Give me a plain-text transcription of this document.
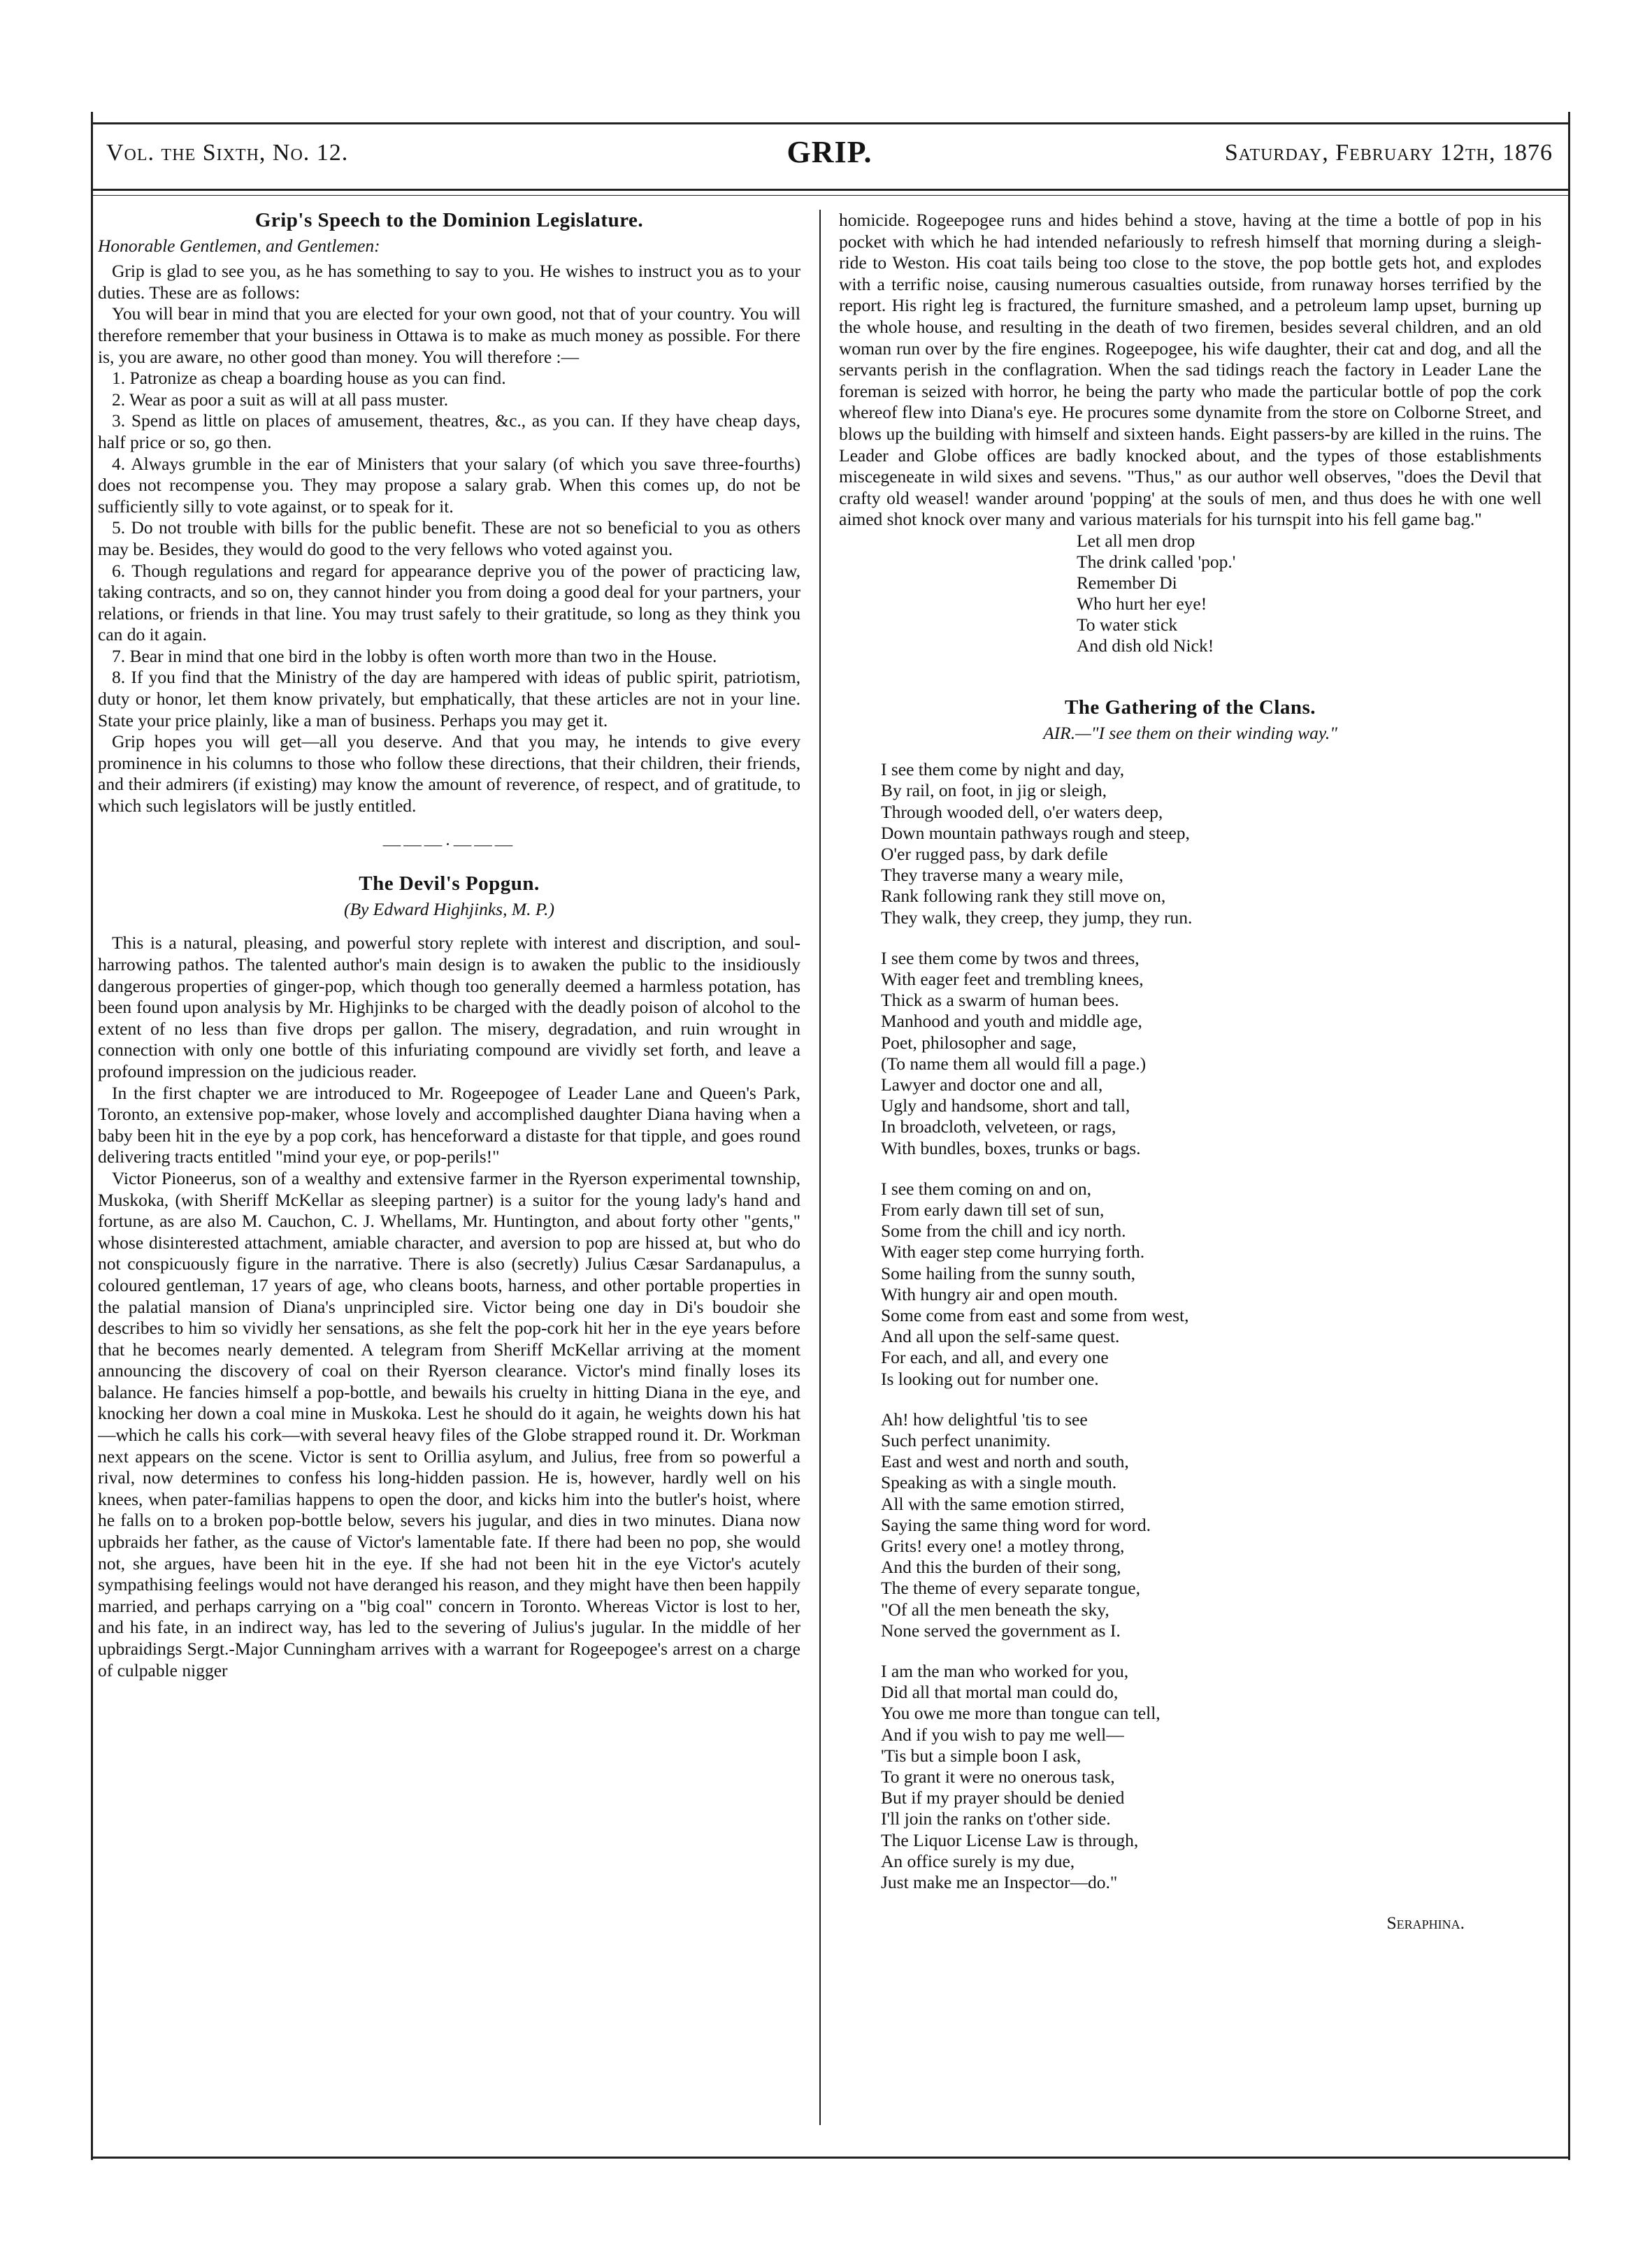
Vol. the Sixth, No. 12.	GRIP.	Saturday, February 12th, 1876
Grip's Speech to the Dominion Legislature.
Honorable Gentlemen, and Gentlemen:

Grip is glad to see you, as he has something to say to you. He wishes to instruct you as to your duties. These are as follows:

You will bear in mind that you are elected for your own good, not that of your country. You will therefore remember that your business in Ottawa is to make as much money as possible. For there is, you are aware, no other good than money. You will therefore :—

1. Patronize as cheap a boarding house as you can find.
2. Wear as poor a suit as will at all pass muster.
3. Spend as little on places of amusement, theatres, &c., as you can. If they have cheap days, half price or so, go then.
4. Always grumble in the ear of Ministers that your salary (of which you save three-fourths) does not recompense you. They may propose a salary grab. When this comes up, do not be sufficiently silly to vote against, or to speak for it.
5. Do not trouble with bills for the public benefit. These are not so beneficial to you as others may be. Besides, they would do good to the very fellows who voted against you.
6. Though regulations and regard for appearance deprive you of the power of practicing law, taking contracts, and so on, they cannot hinder you from doing a good deal for your partners, your relations, or friends in that line. You may trust safely to their gratitude, so long as they think you can do it again.
7. Bear in mind that one bird in the lobby is often worth more than two in the House.
8. If you find that the Ministry of the day are hampered with ideas of public spirit, patriotism, duty or honor, let them know privately, but emphatically, that these articles are not in your line. State your price plainly, like a man of business. Perhaps you may get it.

Grip hopes you will get—all you deserve. And that you may, he intends to give every prominence in his columns to those who follow these directions, that their children, their friends, and their admirers (if existing) may know the amount of reverence, of respect, and of gratitude, to which such legislators will be justly entitled.

———·———
The Devil's Popgun.
(By Edward Highjinks, M. P.)

This is a natural, pleasing, and powerful story replete with interest and discription, and soul-harrowing pathos. The talented author's main design is to awaken the public to the insidiously dangerous properties of ginger-pop, which though too generally deemed a harmless potation, has been found upon analysis by Mr. Highjinks to be charged with the deadly poison of alcohol to the extent of no less than five drops per gallon. The misery, degradation, and ruin wrought in connection with only one bottle of this infuriating compound are vividly set forth, and leave a profound impression on the judicious reader.

In the first chapter we are introduced to Mr. Rogeepogee of Leader Lane and Queen's Park, Toronto, an extensive pop-maker, whose lovely and accomplished daughter Diana having when a baby been hit in the eye by a pop cork, has henceforward a distaste for that tipple, and goes round delivering tracts entitled "mind your eye, or pop-perils!"

Victor Pioneerus, son of a wealthy and extensive farmer in the Ryerson experimental township, Muskoka, (with Sheriff McKellar as sleeping partner) is a suitor for the young lady's hand and fortune, as are also M. Cauchon, C. J. Whellams, Mr. Huntington, and about forty other "gents," whose disinterested attachment, amiable character, and aversion to pop are hissed at, but who do not conspicuously figure in the narrative. There is also (secretly) Julius Cæsar Sardanapulus, a coloured gentleman, 17 years of age, who cleans boots, harness, and other portable properties in the palatial mansion of Diana's unprincipled sire. Victor being one day in Di's boudoir she describes to him so vividly her sensations, as she felt the pop-cork hit her in the eye years before that he becomes nearly demented. A telegram from Sheriff McKellar arriving at the moment announcing the discovery of coal on their Ryerson clearance. Victor's mind finally loses its balance. He fancies himself a pop-bottle, and bewails his cruelty in hitting Diana in the eye, and knocking her down a coal mine in Muskoka. Lest he should do it again, he weights down his hat—which he calls his cork—with several heavy files of the Globe strapped round it. Dr. Workman next appears on the scene. Victor is sent to Orillia asylum, and Julius, free from so powerful a rival, now determines to confess his long-hidden passion. He is, however, hardly well on his knees, when pater-familias happens to open the door, and kicks him into the butler's hoist, where he falls on to a broken pop-bottle below, severs his jugular, and dies in two minutes. Diana now upbraids her father, as the cause of Victor's lamentable fate. If there had been no pop, she would not, she argues, have been hit in the eye. If she had not been hit in the eye Victor's acutely sympathising feelings would not have deranged his reason, and they might have then been happily married, and perhaps carrying on a "big coal" concern in Toronto. Whereas Victor is lost to her, and his fate, in an indirect way, has led to the severing of Julius's jugular. In the middle of her upbraidings Sergt.-Major Cunningham arrives with a warrant for Rogeepogee's arrest on a charge of culpable nigger

homicide. Rogeepogee runs and hides behind a stove, having at the time a bottle of pop in his pocket with which he had intended nefariously to refresh himself that morning during a sleigh-ride to Weston. His coat tails being too close to the stove, the pop bottle gets hot, and explodes with a terrific noise, causing numerous casualties outside, from runaway horses terrified by the report. His right leg is fractured, the furniture smashed, and a petroleum lamp upset, burning up the whole house, and resulting in the death of two firemen, besides several children, and an old woman run over by the fire engines. Rogeepogee, his wife daughter, their cat and dog, and all the servants perish in the conflagration. When the sad tidings reach the factory in Leader Lane the foreman is seized with horror, he being the party who made the particular bottle of pop the cork whereof flew into Diana's eye. He procures some dynamite from the store on Colborne Street, and blows up the building with himself and sixteen hands. Eight passers-by are killed in the ruins. The Leader and Globe offices are badly knocked about, and the types of those establishments miscegeneate in wild sixes and sevens. "Thus," as our author well observes, "does the Devil that crafty old weasel! wander around 'popping' at the souls of men, and thus does he with one well aimed shot knock over many and various materials for his turnspit into his fell game bag."

Let all men drop
The drink called 'pop.'
Remember Di
Who hurt her eye!
To water stick
And dish old Nick!
The Gathering of the Clans.
AIR.—"I see them on their winding way."
I see them come by night and day,
By rail, on foot, in jig or sleigh,
Through wooded dell, o'er waters deep,
Down mountain pathways rough and steep,
O'er rugged pass, by dark defile
They traverse many a weary mile,
Rank following rank they still move on,
They walk, they creep, they jump, they run.
I see them come by twos and threes,
With eager feet and trembling knees,
Thick as a swarm of human bees.
Manhood and youth and middle age,
Poet, philosopher and sage,
(To name them all would fill a page.)
Lawyer and doctor one and all,
Ugly and handsome, short and tall,
In broadcloth, velveteen, or rags,
With bundles, boxes, trunks or bags.
I see them coming on and on,
From early dawn till set of sun,
Some from the chill and icy north.
With eager step come hurrying forth.
Some hailing from the sunny south,
With hungry air and open mouth.
Some come from east and some from west,
And all upon the self-same quest.
For each, and all, and every one
Is looking out for number one.
Ah! how delightful 'tis to see
Such perfect unanimity.
East and west and north and south,
Speaking as with a single mouth.
All with the same emotion stirred,
Saying the same thing word for word.
Grits! every one! a motley throng,
And this the burden of their song,
The theme of every separate tongue,
"Of all the men beneath the sky,
None served the government as I.
I am the man who worked for you,
Did all that mortal man could do,
You owe me more than tongue can tell,
And if you wish to pay me well—
'Tis but a simple boon I ask,
To grant it were no onerous task,
But if my prayer should be denied
I'll join the ranks on t'other side.
The Liquor License Law is through,
An office surely is my due,
Just make me an Inspector—do."
Seraphina.
